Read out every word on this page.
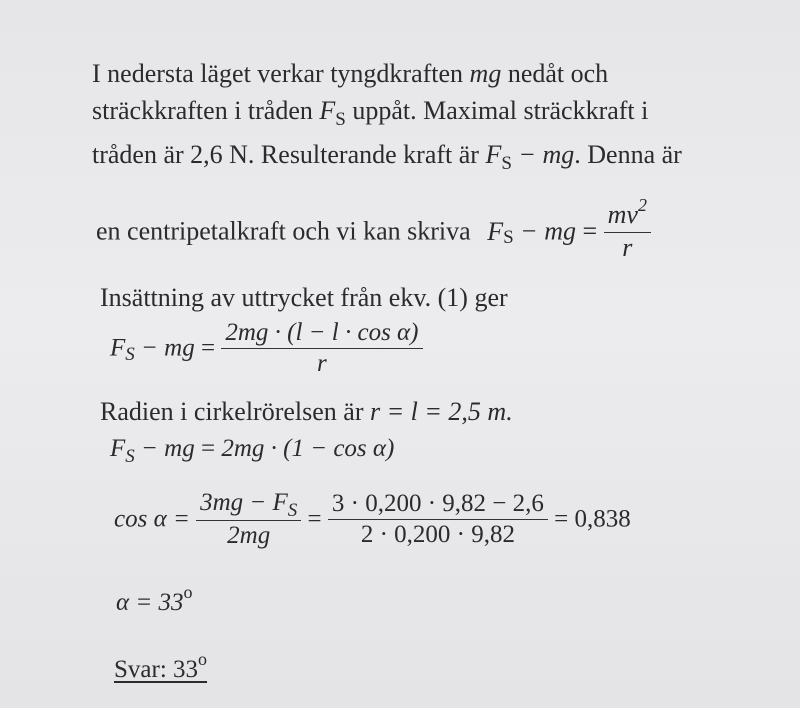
I nedersta läget verkar tyngdkraften mg nedåt och
sträckkraften i tråden $F_S$ uppåt. Maximal sträckkraft i
tråden är 2,6 N. Resulterande kraft är $F_S$ − mg. Denna är
en centripetalkraft och vi kan skriva $F_S$ − mg = $\frac{mv^2}{r}$
Insättning av uttrycket från ekv. (1) ger
$F_S$ − mg = $\frac{\text{2mg · (l − l · cos α)}}{r}$
Radien i cirkelrörelsen är r = l = 2,5 m.
$F_S$ − mg = 2mg · (1 − cos α)
$\cos \alpha = \frac{3mg - F_S}{2mg} = \frac{3 \cdot 0,200 \cdot 9,82 - 2,6}{2 \cdot 0,200 \cdot 9,82} = 0,838$
$\alpha = 33^o$
Svar: 33$^o$
